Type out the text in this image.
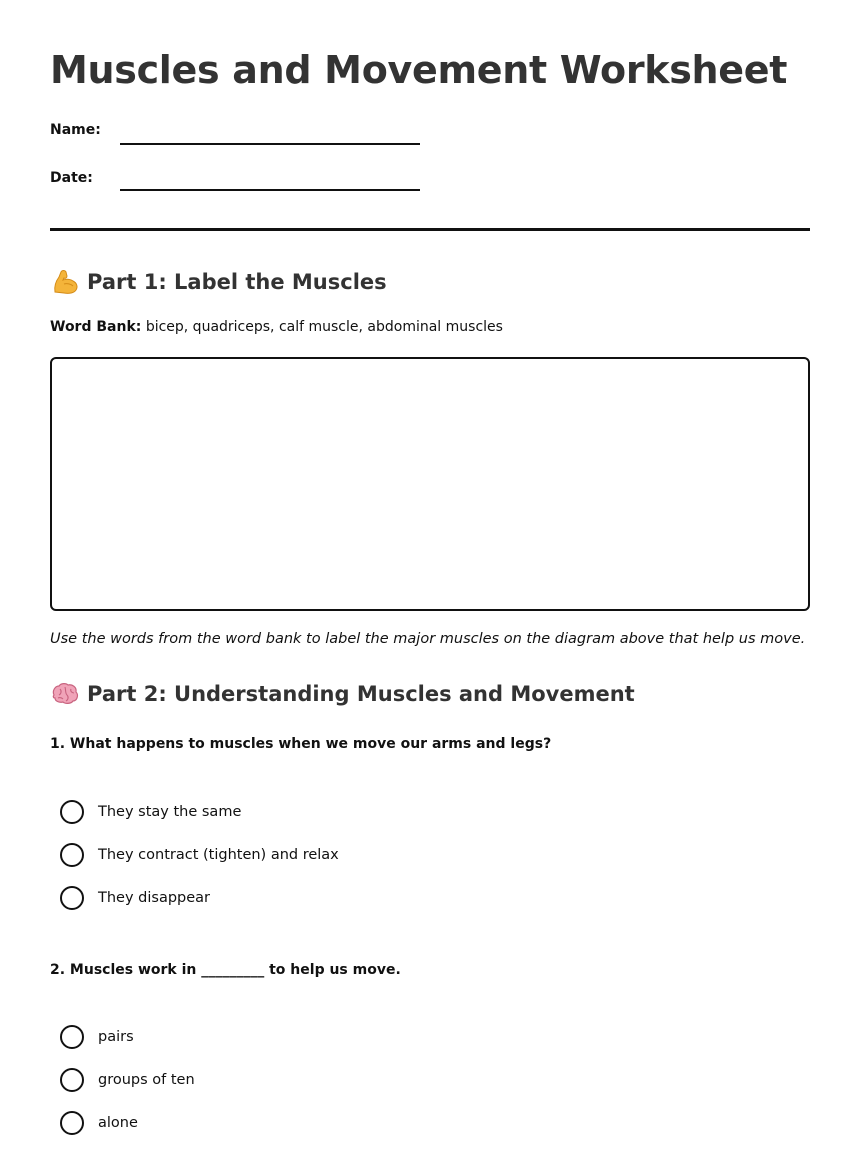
Muscles and Movement Worksheet
Name:
Date:
Part 1: Label the Muscles
Word Bank: bicep, quadriceps, calf muscle, abdominal muscles
Use the words from the word bank to label the major muscles on the diagram above that help us move.
Part 2: Understanding Muscles and Movement
1. What happens to muscles when we move our arms and legs?
They stay the same
They contract (tighten) and relax
They disappear
2. Muscles work in _________ to help us move.
pairs
groups of ten
alone
